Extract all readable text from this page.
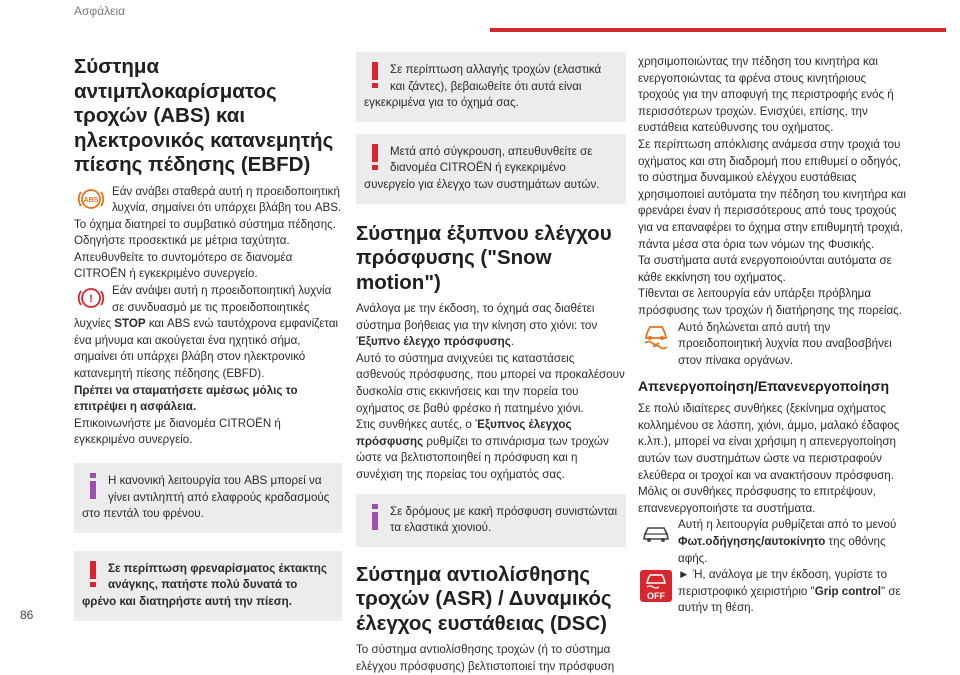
Ασφάλεια
Σύστημα αντιμπλοκαρίσματος τροχών (ABS) και ηλεκτρονικός κατανεμητής πίεσης πέδησης (EBFD)
ABS

Εάν ανάβει σταθερά αυτή η προειδοποιητική λυχνία, σημαίνει ότι υπάρχει βλάβη του ABS.

Το όχημα διατηρεί το συμβατικό σύστημα πέδησης.

Οδηγήστε προσεκτικά με μέτρια ταχύτητα.

Απευθυνθείτε το συντομότερο σε διανομέα CITROËN ή εγκεκριμένο συνεργείο.

!

Εάν ανάψει αυτή η προειδοποιητική λυχνία σε συνδυασμό με τις προειδοποιητικές λυχνίες STOP και ABS ενώ ταυτόχρονα εμφανίζεται ένα μήνυμα και ακούγεται ένα ηχητικό σήμα, σημαίνει ότι υπάρχει βλάβη στον ηλεκτρονικό κατανεμητή πίεσης πέδησης (EBFD).

Πρέπει να σταματήσετε αμέσως μόλις το επιτρέψει η ασφάλεια.

Επικοινωνήστε με διανομέα CITROËN ή εγκεκριμένο συνεργείο.

Η κανονική λειτουργία του ABS μπορεί να γίνει αντιληπτή από ελαφρούς κραδασμούς στο πεντάλ του φρένου.

Σε περίπτωση φρεναρίσματος έκτακτης ανάγκης, πατήστε πολύ δυνατά το φρένο και διατηρήστε αυτή την πίεση.

Σε περίπτωση αλλαγής τροχών (ελαστικά και ζάντες), βεβαιωθείτε ότι αυτά είναι εγκεκριμένα για το όχημά σας.

Μετά από σύγκρουση, απευθυνθείτε σε διανομέα CITROËN ή εγκεκριμένο συνεργείο για έλεγχο των συστημάτων αυτών.

Σύστημα έξυπνου ελέγχου πρόσφυσης ("Snow motion")

Ανάλογα με την έκδοση, το όχημά σας διαθέτει σύστημα βοήθειας για την κίνηση στο χιόνι: τον Έξυπνο έλεγχο πρόσφυσης.

Αυτό το σύστημα ανιχνεύει τις καταστάσεις ασθενούς πρόσφυσης, που μπορεί να προκαλέσουν δυσκολία στις εκκινήσεις και την πορεία του οχήματος σε βαθύ φρέσκο ή πατημένο χιόνι.

Στις συνθήκες αυτές, ο Έξυπνος έλεγχος πρόσφυσης ρυθμίζει το σπινάρισμα των τροχών ώστε να βελτιστοποιηθεί η πρόσφυση και η συνέχιση της πορείας του οχήματός σας.

Σε δρόμους με κακή πρόσφυση συνιστώνται τα ελαστικά χιονιού.

Σύστημα αντιολίσθησης τροχών (ASR) / Δυναμικός έλεγχος ευστάθειας (DSC)

Το σύστημα αντιολίσθησης τροχών (ή το σύστημα ελέγχου πρόσφυσης) βελτιστοποιεί την πρόσφυση

χρησιμοποιώντας την πέδηση του κινητήρα και ενεργοποιώντας τα φρένα στους κινητήριους τροχούς για την αποφυγή της περιστροφής ενός ή περισσότερων τροχών. Ενισχύει, επίσης, την ευστάθεια κατεύθυνσης του οχήματος.

Σε περίπτωση απόκλισης ανάμεσα στην τροχιά του οχήματος και στη διαδρομή που επιθυμεί ο οδηγός, το σύστημα δυναμικού ελέγχου ευστάθειας χρησιμοποιεί αυτόματα την πέδηση του κινητήρα και φρενάρει έναν ή περισσότερους από τους τροχούς για να επαναφέρει το όχημα στην επιθυμητή τροχιά, πάντα μέσα στα όρια των νόμων της Φυσικής.

Τα συστήματα αυτά ενεργοποιούνται αυτόματα σε κάθε εκκίνηση του οχήματος.

Τίθενται σε λειτουργία εάν υπάρξει πρόβλημα πρόσφυσης των τροχών ή διατήρησης της πορείας.

Αυτό δηλώνεται από αυτή την προειδοποιητική λυχνία που αναβοσβήνει στον πίνακα οργάνων.

Απενεργοποίηση/Επανενεργοποίηση

Σε πολύ ιδιαίτερες συνθήκες (ξεκίνημα οχήματος κολλημένου σε λάσπη, χιόνι, άμμο, μαλακό έδαφος κ.λπ.), μπορεί να είναι χρήσιμη η απενεργοποίηση αυτών των συστημάτων ώστε να περιστραφούν ελεύθερα οι τροχοί και να ανακτήσουν πρόσφυση.

Μόλις οι συνθήκες πρόσφυσης το επιτρέψουν, επανενεργοποιήστε τα συστήματα.

Αυτή η λειτουργία ρυθμίζεται από το μενού Φωτ.οδήγησης/αυτοκίνητο της οθόνης αφής.

OFF

► Ή, ανάλογα με την έκδοση, γυρίστε το περιστροφικό χειριστήριο "Grip control" σε αυτήν τη θέση.

86
